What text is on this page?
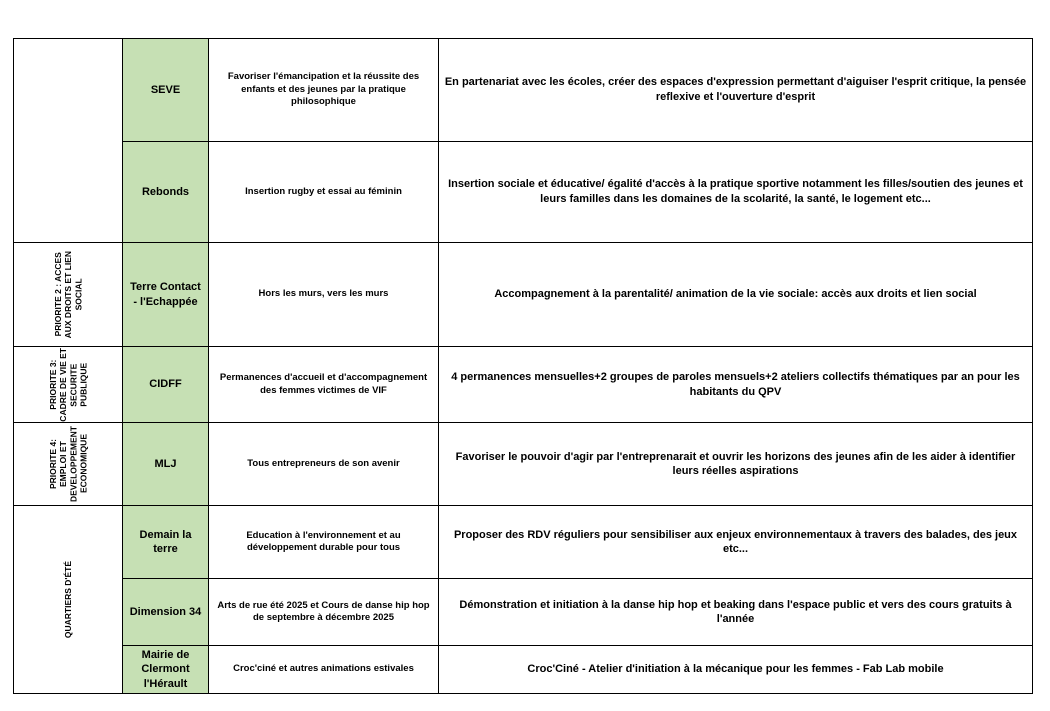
	SEVE	Favoriser l'émancipation et la réussite des enfants et des jeunes par la pratique philosophique	En partenariat avec les écoles, créer des espaces d'expression permettant d'aiguiser l'esprit critique, la pensée reflexive et l'ouverture d'esprit
	Rebonds	Insertion rugby et essai au féminin	Insertion sociale et éducative/ égalité d'accès à la pratique sportive notamment les filles/soutien des jeunes et leurs familles dans les domaines de la scolarité, la santé, le logement etc...

PRIORITE 2 : ACCES
AUX DROITS ET LIEN
SOCIAL	Terre Contact - l'Echappée	Hors les murs, vers les murs	Accompagnement à la parentalité/ animation de la vie sociale: accès aux droits et lien social

PRIORITE 3:
CADRE DE VIE ET
SECURITE
PUBLIQUE	CIDFF	Permanences d'accueil et d'accompagnement des femmes victimes de VIF	4 permanences mensuelles+2 groupes de paroles mensuels+2 ateliers collectifs thématiques par an pour les habitants du QPV

PRIORITE 4:
EMPLOI ET
DEVELOPPEMENT
ECONOMIQUE	MLJ	Tous entrepreneurs de son avenir	Favoriser le pouvoir d'agir par l'entreprenarait et ouvrir les horizons des jeunes afin de les aider à identifier leurs réelles aspirations

QUARTIERS D'ÉTÉ	Demain la terre	Education à l'environnement et au développement durable pour tous	Proposer des RDV réguliers pour sensibiliser aux enjeux environnementaux à travers des balades, des jeux etc...
	Dimension 34	Arts de rue été 2025 et Cours de danse hip hop de septembre à décembre 2025	Démonstration et initiation à la danse hip hop et beaking dans l'espace public et vers des cours gratuits à l'année
	Mairie de Clermont l'Hérault	Croc'ciné et autres animations estivales	Croc'Ciné - Atelier d'initiation à la mécanique pour les femmes - Fab Lab mobile
